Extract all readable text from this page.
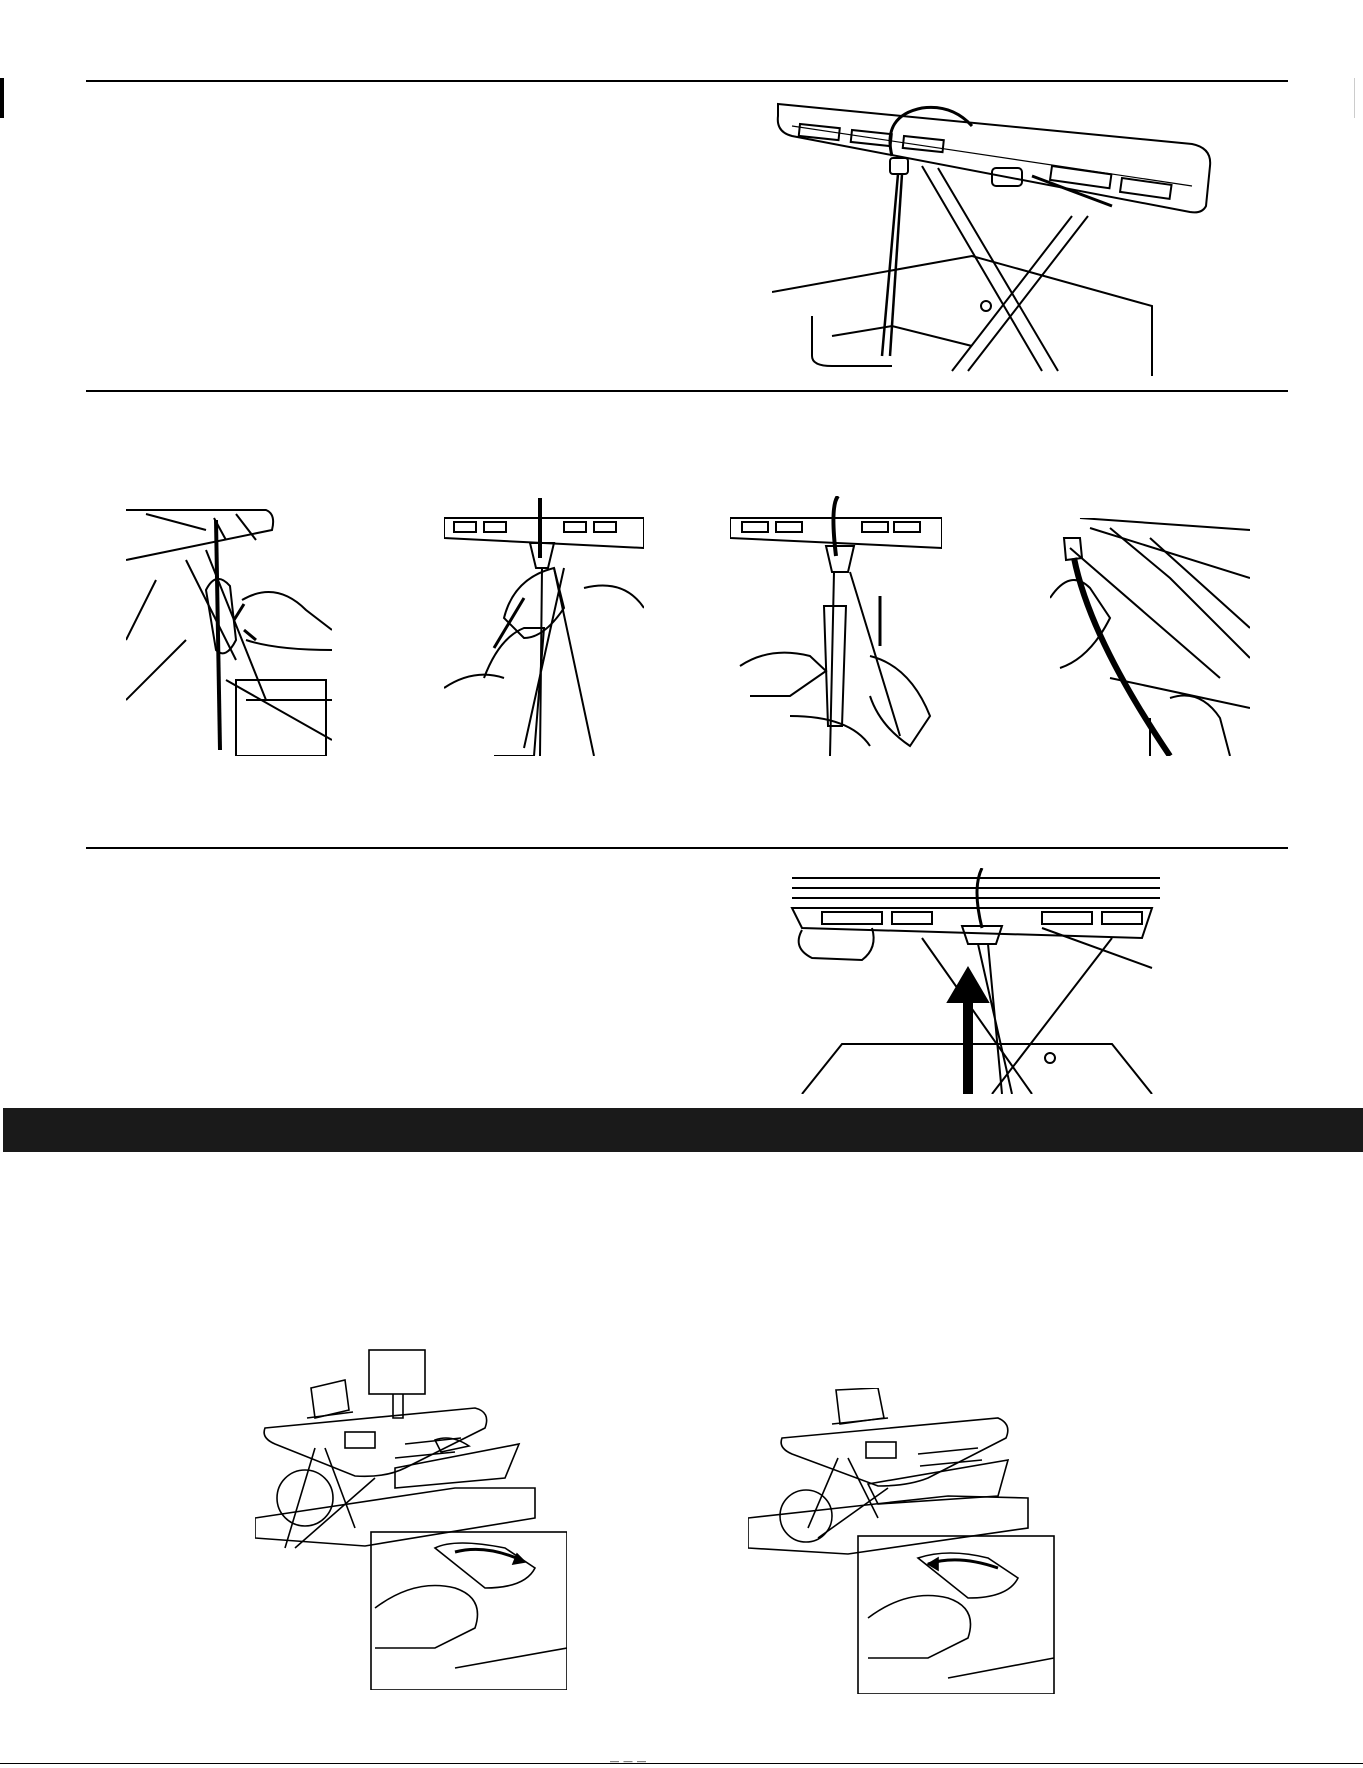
— — —
